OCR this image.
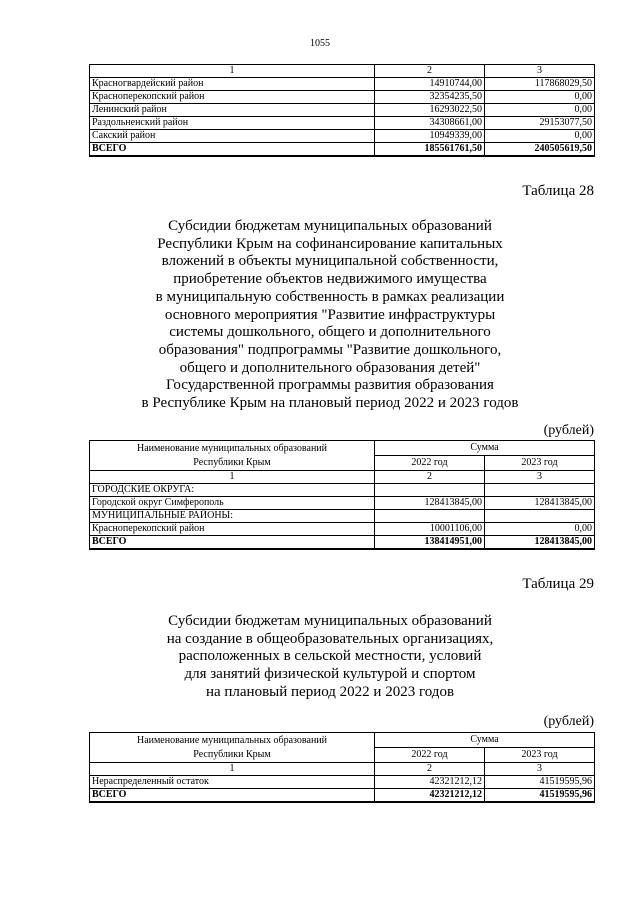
1055
1	2	3
Красногвардейский район	14910744,00	117868029,50
Красноперекопский район	32354235,50	0,00
Ленинский район	16293022,50	0,00
Раздольненский район	34308661,00	29153077,50
Сакский район	10949339,00	0,00
ВСЕГО	185561761,50	240505619,50
Таблица 28
Субсидии бюджетам муниципальных образований
Республики Крым на софинансирование капитальных
вложений в объекты муниципальной собственности,
приобретение объектов недвижимого имущества
в муниципальную собственность в рамках реализации
основного мероприятия "Развитие инфраструктуры
системы дошкольного, общего и дополнительного
образования" подпрограммы "Развитие дошкольного,
общего и дополнительного образования детей"
Государственной программы развития образования
в Республике Крым на плановый период 2022 и 2023 годов
(рублей)
Наименование муниципальных образований
Республики Крым	Сумма	
	2022 год	2023 год
1	2	3
ГОРОДСКИЕ ОКРУГА:		
Городской округ Симферополь	128413845,00	128413845,00
МУНИЦИПАЛЬНЫЕ РАЙОНЫ:		
Красноперекопский район	10001106,00	0,00
ВСЕГО	138414951,00	128413845,00
Таблица 29
Субсидии бюджетам муниципальных образований
на создание в общеобразовательных организациях,
расположенных в сельской местности, условий
для занятий физической культурой и спортом
на плановый период 2022 и 2023 годов
(рублей)
Наименование муниципальных образований
Республики Крым	Сумма	
	2022 год	2023 год
1	2	3
Нераспределенный остаток	42321212,12	41519595,96
ВСЕГО	42321212,12	41519595,96
